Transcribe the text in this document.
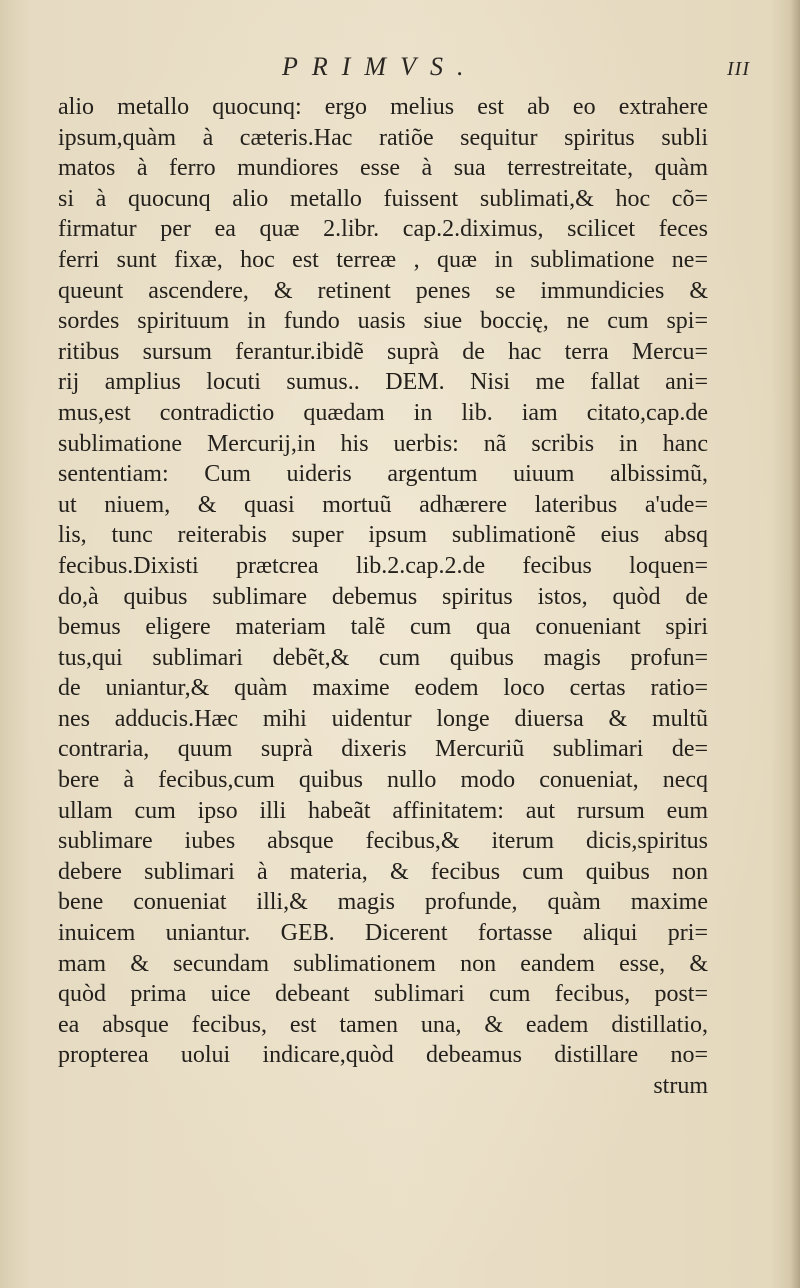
PRIMVS.	III
alio metallo quocunq: ergo melius est ab eo extrahere
ipsum,quàm à cæteris.Hac ratiõe sequitur spiritus subli
matos à ferro mundiores esse à sua terrestreitate, quàm
si à quocunq alio metallo fuissent sublimati,& hoc cõ=
firmatur per ea quæ 2.libr. cap.2.diximus, scilicet feces
ferri sunt fixæ, hoc est terreæ , quæ in sublimatione ne=
queunt ascendere, & retinent penes se immundicies &
sordes spirituum in fundo uasis siue boccię, ne cum spi=
ritibus sursum ferantur.ibidẽ suprà de hac terra Mercu=
rij amplius locuti sumus.. DEM. Nisi me fallat ani=
mus,est contradictio quædam in lib. iam citato,cap.de
sublimatione Mercurij,in his uerbis: nã scribis in hanc
sententiam: Cum uideris argentum uiuum albissimũ,
ut niuem, & quasi mortuũ adhærere lateribus a'ude=
lis, tunc reiterabis super ipsum sublimationẽ eius absq
fecibus.Dixisti prætcrea lib.2.cap.2.de fecibus loquen=
do,à quibus sublimare debemus spiritus istos, quòd de
bemus eligere materiam talẽ cum qua conueniant spiri
tus,qui sublimari debẽt,& cum quibus magis profun=
de uniantur,& quàm maxime eodem loco certas ratio=
nes adducis.Hæc mihi uidentur longe diuersa & multũ
contraria, quum suprà dixeris Mercuriũ sublimari de=
bere à fecibus,cum quibus nullo modo conueniat, necq
ullam cum ipso illi habeãt affinitatem: aut rursum eum
sublimare iubes absque fecibus,& iterum dicis,spiritus
debere sublimari à materia, & fecibus cum quibus non
bene conueniat illi,& magis profunde, quàm maxime
inuicem uniantur. GEB. Dicerent fortasse aliqui pri=
mam & secundam sublimationem non eandem esse, &
quòd prima uice debeant sublimari cum fecibus, post=
ea absque fecibus, est tamen una, & eadem distillatio,
propterea uolui indicare,quòd debeamus distillare no=
strum
